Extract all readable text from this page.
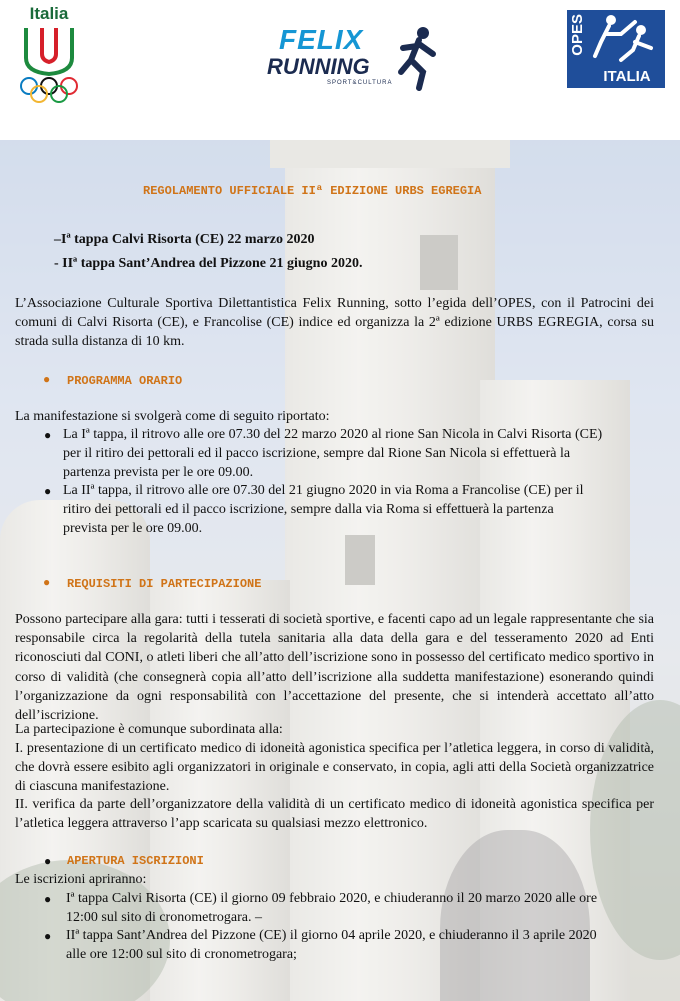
Italia
FELIX
RUNNING
SPORT&CULTURA
OPES
ITALIA
REGOLAMENTO UFFICIALE IIª EDIZIONE URBS EGREGIA
–Iª tappa Calvi Risorta (CE) 22 marzo 2020
- IIª tappa Sant’Andrea del Pizzone 21 giugno 2020.
L’Associazione Culturale Sportiva Dilettantistica Felix Running, sotto l’egida dell’OPES, con il Patrocini dei comuni di Calvi Risorta (CE), e Francolise (CE) indice ed organizza la 2ª edizione URBS EGREGIA, corsa su strada sulla distanza di 10 km.
● PROGRAMMA ORARIO
La manifestazione si svolgerà come di seguito riportato:
● La Iª tappa, il ritrovo alle ore 07.30 del 22 marzo 2020 al rione San Nicola in Calvi Risorta (CE)
per il ritiro dei pettorali ed il pacco iscrizione, sempre dal Rione San Nicola si effettuerà la
partenza prevista per le ore 09.00.
● La IIª tappa, il ritrovo alle ore 07.30 del 21 giugno 2020 in via Roma a Francolise (CE) per il
ritiro dei pettorali ed il pacco iscrizione, sempre dalla via Roma si effettuerà la partenza
prevista per le ore 09.00.
● REQUISITI DI PARTECIPAZIONE
Possono partecipare alla gara: tutti i tesserati di società sportive, e facenti capo ad un legale rappresentante che sia responsabile circa la regolarità della tutela sanitaria alla data della gara e del tesseramento 2020 ad Enti riconosciuti dal CONI, o atleti liberi che all’atto dell’iscrizione sono in possesso del certificato medico sportivo in corso di validità (che consegnerà copia all’atto dell’iscrizione alla suddetta manifestazione) esonerando quindi l’organizzazione da ogni responsabilità con l’accettazione del presente, che si intenderà accettato all’atto dell’iscrizione.
La partecipazione è comunque subordinata alla:
I. presentazione di un certificato medico di idoneità agonistica specifica per l’atletica leggera, in corso di validità, che dovrà essere esibito agli organizzatori in originale e conservato, in copia, agli atti della Società organizzatrice di ciascuna manifestazione.
II. verifica da parte dell’organizzatore della validità di un certificato medico di idoneità agonistica specifica per l’atletica leggera attraverso l’app scaricata su qualsiasi mezzo elettronico.
● APERTURA ISCRIZIONI
Le iscrizioni apriranno:
● Iª tappa Calvi Risorta (CE) il giorno 09 febbraio 2020, e chiuderanno il 20 marzo 2020 alle ore
12:00 sul sito di cronometrogara. –
● IIª tappa Sant’Andrea del Pizzone (CE) il giorno 04 aprile 2020, e chiuderanno il 3 aprile 2020
alle ore 12:00 sul sito di cronometrogara;
